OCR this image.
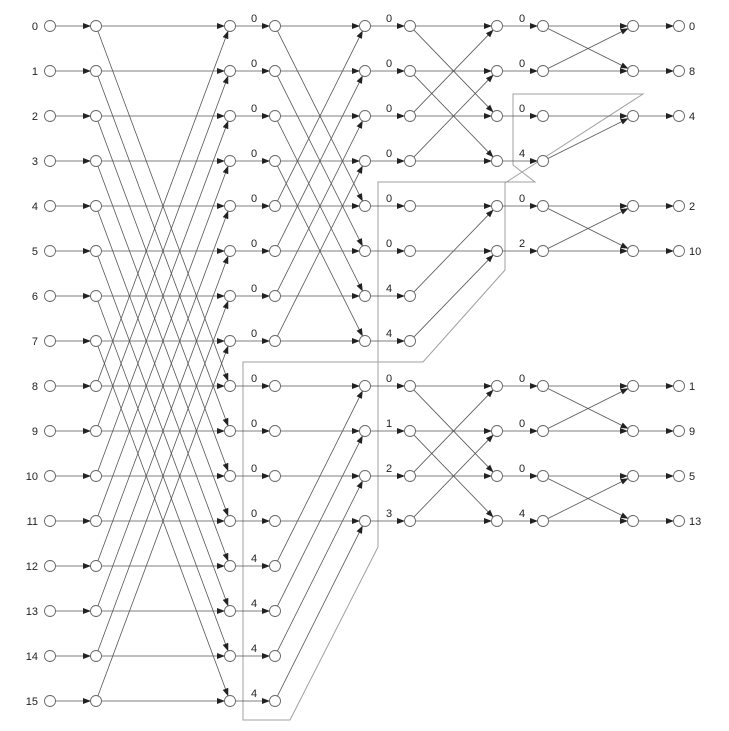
0
1
2
3
4
5
6
7
8
9
10
11
12
13
14
15
0
8
4
2
10
1
9
5
13
0
0
0
0
0
0
0
0
0
0
0
0
4
4
4
4
0
0
0
0
0
0
4
4
0
1
2
3
0
0
0
4
0
2
0
0
0
4
